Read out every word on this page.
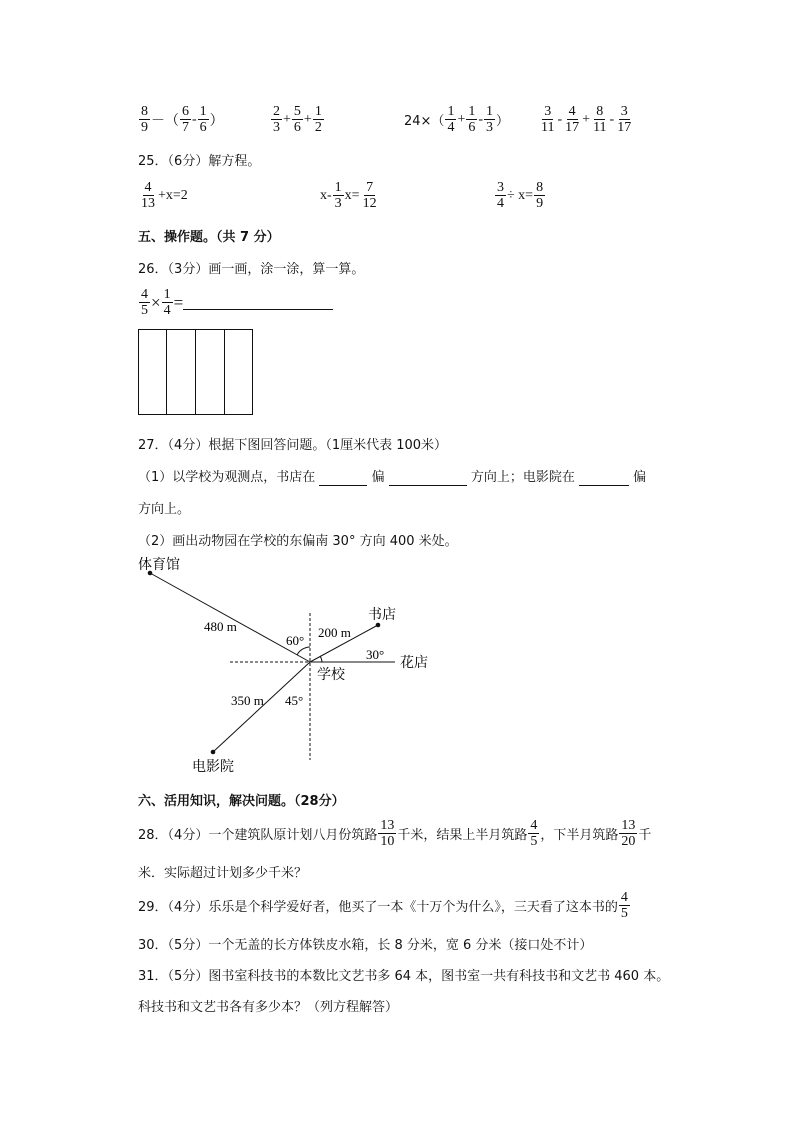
$\frac{8}{9}$ －（ $\frac{6}{7} - \frac{1}{6}$ ）	$\frac{2}{3} + \frac{5}{6} + \frac{1}{2}$	$24\times( \frac{1}{4} + \frac{1}{6} - \frac{1}{3}$ ） $\frac{3}{11} - \frac{4}{17} + \frac{8}{11} - \frac{3}{17}$
25．（6分）解方程。
$\frac{4}{13} +x=2$	$x- \frac{1}{3} x= \frac{7}{12}$	$\frac{3}{4} \div x= \frac{8}{9}$
五、操作题。（共 7 分）
26．（3分）画一画，涂一涂，算一算。
$\frac{4}{5} \times \frac{1}{4}$ =
27．（4分）根据下图回答问题。（1厘米代表 100米）
（1）以学校为观测点，书店在	偏	方向上；电影院在	偏
方向上。
（2）画出动物园在学校的东偏南 30° 方向 400 米处。
体育馆
书店
花店
学校
电影院
480 m	200 m
350 m
60°
30°
45°
六、活用知识，解决问题。（28分）
28．（4分）一个建筑队原计划八月份筑路 $\frac{13}{10}$ 千米，结果上半月筑路 $\frac{4}{5}$ ，下半月筑路 $\frac{13}{20}$ 千
米．实际超过计划多少千米？
29．（4分）乐乐是个科学爱好者，他买了一本《十万个为什么》，三天看了这本书的 $\frac{4}{5}$
30．（5分）一个无盖的长方体铁皮水箱，长 8 分米，宽 6 分米（接口处不计）
31．（5分）图书室科技书的本数比文艺书多 64 本，图书室一共有科技书和文艺书 460 本。
科技书和文艺书各有多少本？（列方程解答）
